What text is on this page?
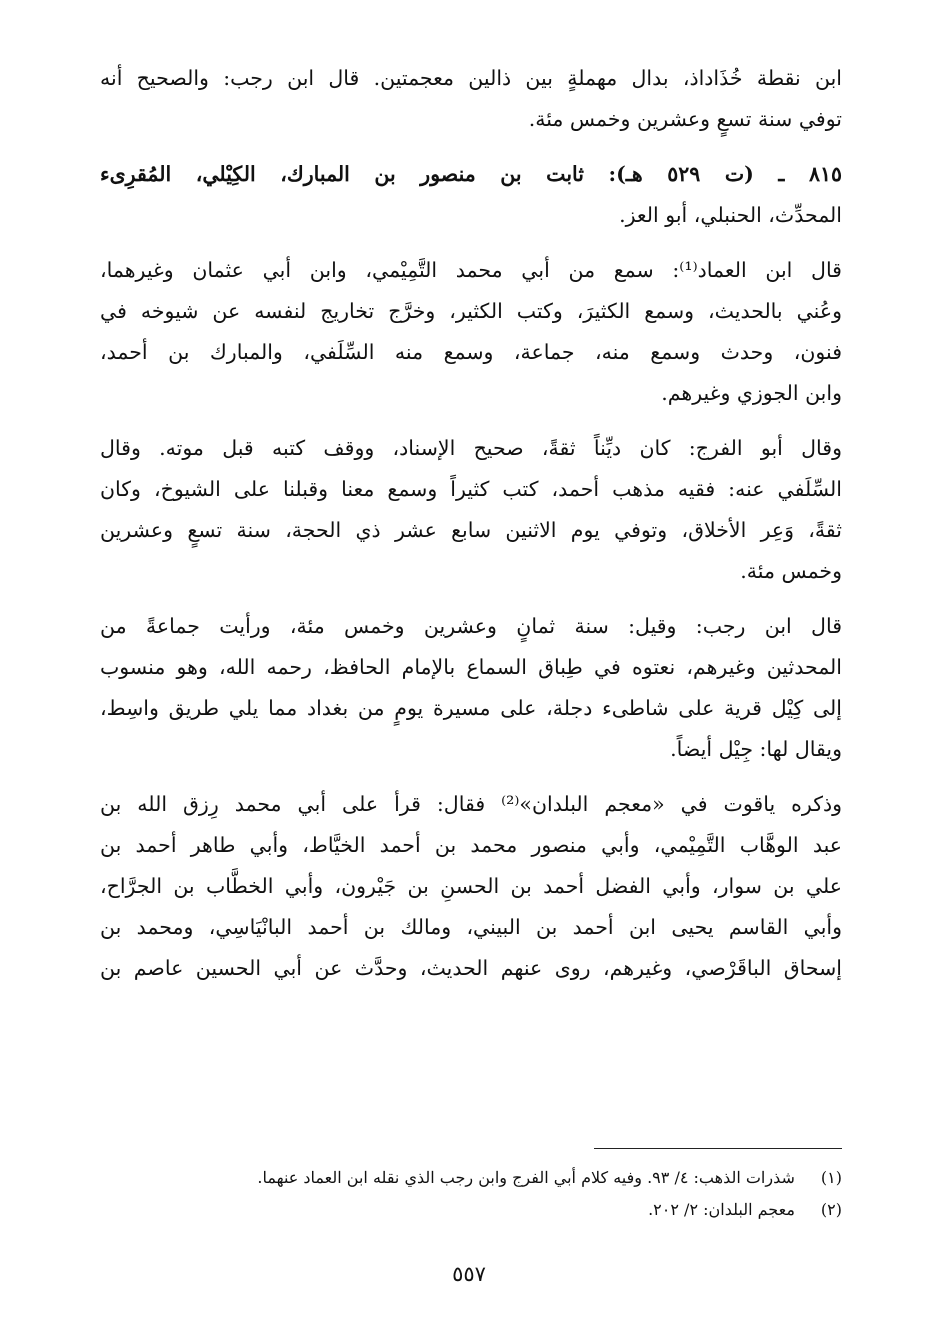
ابن نقطة خُذَاداذ، بدال مهملةٍ بين ذالين معجمتين. قال ابن رجب: والصحيح أنه
توفي سنة تسعٍ وعشرين وخمس مئة.

٨١٥ ـ (ت ٥٢٩ هـ): ثابت بن منصور بن المبارك، الكِيْلي، المُقرِىء
المحدِّث، الحنبلي، أبو العز.

قال ابن العماد⁽¹⁾: سمع من أبي محمد التَّمِيْمي، وابن أبي عثمان وغيرهما،
وعُني بالحديث، وسمع الكثيرَ، وكتب الكثير، وخرَّج تخاريج لنفسه عن شيوخه في
فنون، وحدث وسمع منه، جماعة، وسمع منه السِّلَفي، والمبارك بن أحمد،
وابن الجوزي وغيرهم.

وقال أبو الفرج: كان ديِّناً ثقةً، صحيح الإسناد، ووقف كتبه قبل موته. وقال
السِّلَفي عنه: فقيه مذهب أحمد، كتب كثيراً وسمع معنا وقبلنا على الشيوخ، وكان
ثقةً، وَعِر الأخلاق، وتوفي يوم الاثنين سابع عشر ذي الحجة، سنة تسعٍ وعشرين
وخمس مئة.

قال ابن رجب: وقيل: سنة ثمانٍ وعشرين وخمس مئة، ورأيت جماعةً من
المحدثين وغيرهم، نعتوه في طِباق السماع بالإمام الحافظ، رحمه الله، وهو منسوب
إلى كِيْل قرية على شاطىء دجلة، على مسيرة يومٍ من بغداد مما يلي طريق واسِط،
ويقال لها: جِيْل أيضاً.

وذكره ياقوت في «معجم البلدان»⁽²⁾ فقال: قرأ على أبي محمد رِزق الله بن
عبد الوهَّاب التَّمِيْمي، وأبي منصور محمد بن أحمد الخيَّاط، وأبي طاهر أحمد بن
علي بن سوار، وأبي الفضل أحمد بن الحسنِ بن جَيْرون، وأبي الخطَّاب بن الجرَّاح،
وأبي القاسم يحيى ابن أحمد بن البيني، ومالك بن أحمد البانْيَاسِي، ومحمد بن
إسحاق الباقَرْصي، وغيرهم، روى عنهم الحديث، وحدَّث عن أبي الحسين عاصم بن

(١) شذرات الذهب: ٤/ ٩٣. وفيه كلام أبي الفرج وابن رجب الذي نقله ابن العماد عنهما.
(٢) معجم البلدان: ٢/ ٢٠٢.
٥٥٧
